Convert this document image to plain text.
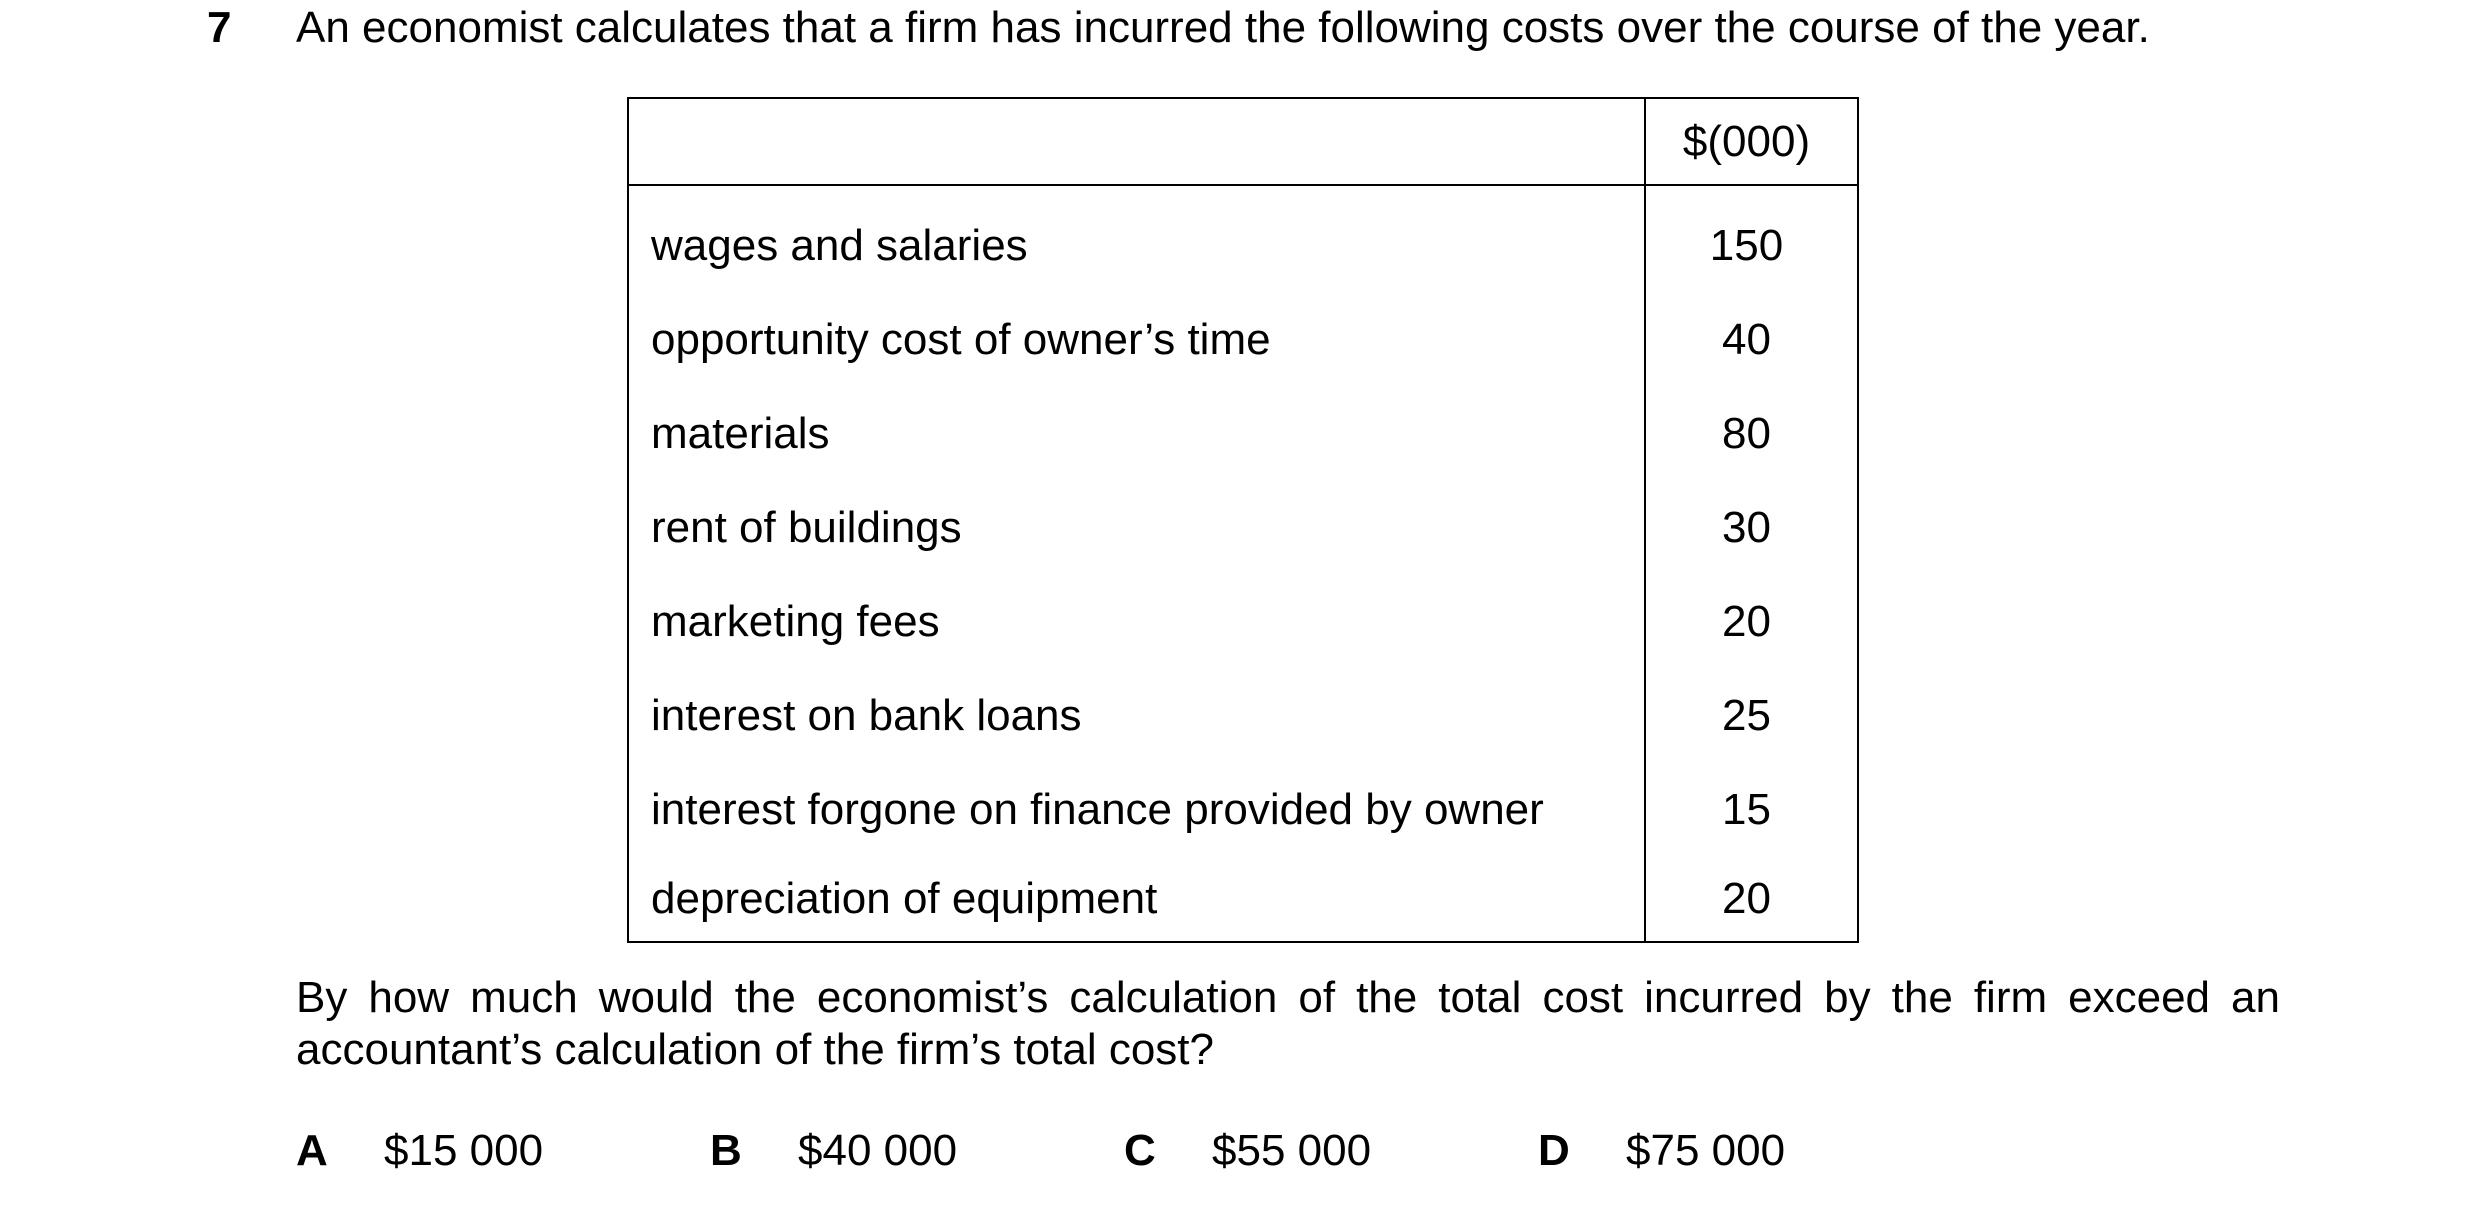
7 An economist calculates that a firm has incurred the following costs over the course of the year.
	$(000)
wages and salaries	150
opportunity cost of owner’s time	40
materials	80
rent of buildings	30
marketing fees	20
interest on bank loans	25
interest forgone on finance provided by owner	15
depreciation of equipment	20
By how much would the economist’s calculation of the total cost incurred by the firm exceed an accountant’s calculation of the firm’s total cost?
A $15 000	B $40 000	C $55 000	D $75 000
